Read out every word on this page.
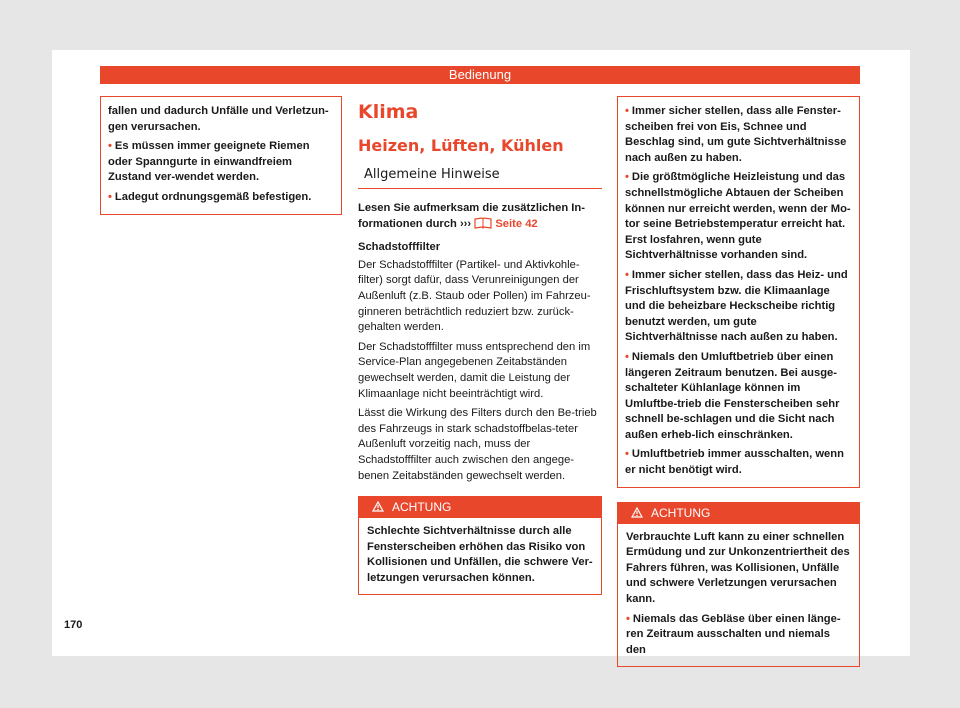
Bedienung

fallen und dadurch Unfälle und Verletzun-gen verursachen.

• Es müssen immer geeignete Riemen oder Spanngurte in einwandfreiem Zustand ver-wendet werden.

• Ladegut ordnungsgemäß befestigen.

Klima
Heizen, Lüften, Kühlen
Allgemeine Hinweise

Lesen Sie aufmerksam die zusätzlichen In-formationen durch ››› Seite 42

Schadstofffilter

Der Schadstofffilter (Partikel- und Aktivkohle-filter) sorgt dafür, dass Verunreinigungen der Außenluft (z.B. Staub oder Pollen) im Fahrzeu-ginneren beträchtlich reduziert bzw. zurück-gehalten werden.

Der Schadstofffilter muss entsprechend den im Service-Plan angegebenen Zeitabständen gewechselt werden, damit die Leistung der Klimaanlage nicht beeinträchtigt wird.

Lässt die Wirkung des Filters durch den Be-trieb des Fahrzeugs in stark schadstoffbelas-teter Außenluft vorzeitig nach, muss der Schadstofffilter auch zwischen den angege-benen Zeitabständen gewechselt werden.

ACHTUNG
Schlechte Sichtverhältnisse durch alle Fensterscheiben erhöhen das Risiko von Kollisionen und Unfällen, die schwere Ver-letzungen verursachen können.

• Immer sicher stellen, dass alle Fenster-scheiben frei von Eis, Schnee und Beschlag sind, um gute Sichtverhältnisse nach außen zu haben.

• Die größtmögliche Heizleistung und das schnellstmögliche Abtauen der Scheiben können nur erreicht werden, wenn der Mo-tor seine Betriebstemperatur erreicht hat. Erst losfahren, wenn gute Sichtverhältnisse vorhanden sind.

• Immer sicher stellen, dass das Heiz- und Frischluftsystem bzw. die Klimaanlage und die beheizbare Heckscheibe richtig benutzt werden, um gute Sichtverhältnisse nach außen zu haben.

• Niemals den Umluftbetrieb über einen längeren Zeitraum benutzen. Bei ausge-schalteter Kühlanlage können im Umluftbe-trieb die Fensterscheiben sehr schnell be-schlagen und die Sicht nach außen erheb-lich einschränken.

• Umluftbetrieb immer ausschalten, wenn er nicht benötigt wird.

ACHTUNG

Verbrauchte Luft kann zu einer schnellen Ermüdung und zur Unkonzentriertheit des Fahrers führen, was Kollisionen, Unfälle und schwere Verletzungen verursachen kann.

• Niemals das Gebläse über einen länge-ren Zeitraum ausschalten und niemals den

170
